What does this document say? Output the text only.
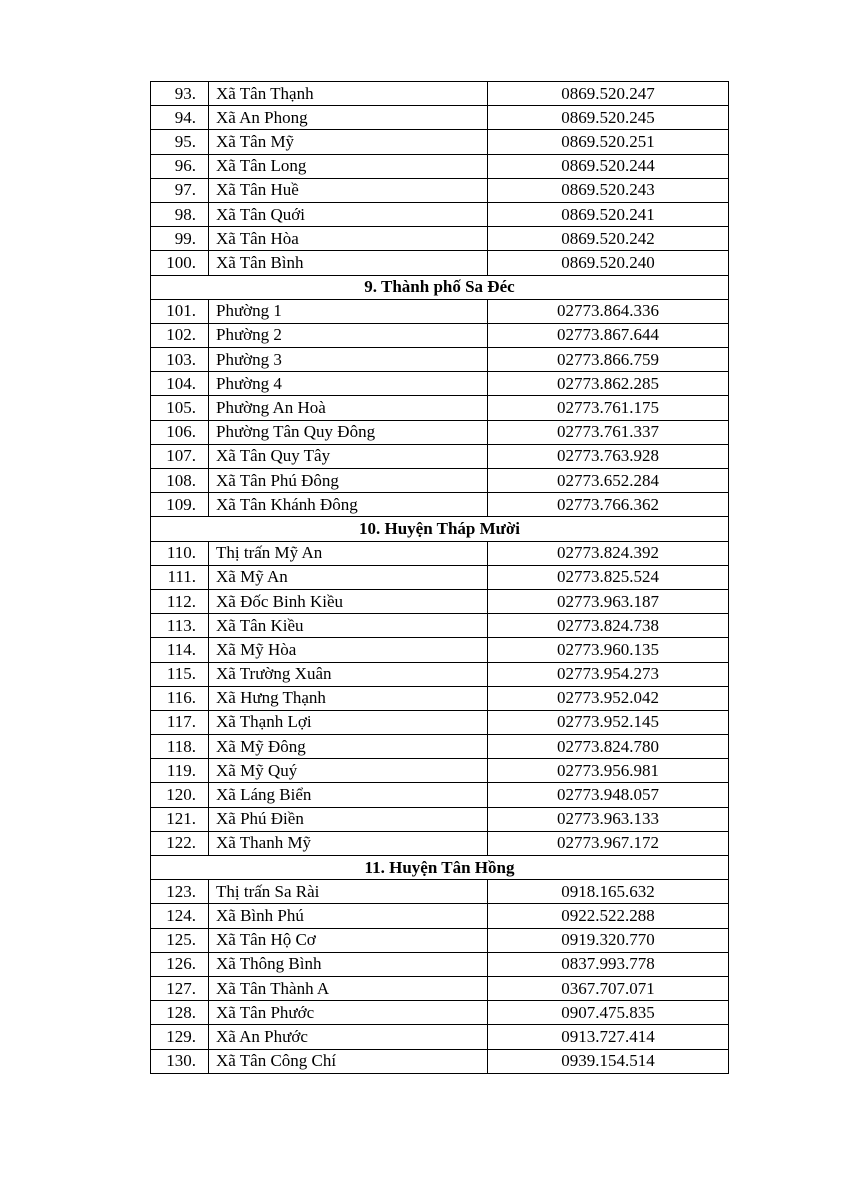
93.	Xã Tân Thạnh	0869.520.247
94.	Xã An Phong	0869.520.245
95.	Xã Tân Mỹ	0869.520.251
96.	Xã Tân Long	0869.520.244
97.	Xã Tân Huề	0869.520.243
98.	Xã Tân Quới	0869.520.241
99.	Xã Tân Hòa	0869.520.242
100.	Xã Tân Bình	0869.520.240
9. Thành phố Sa Đéc		
101.	Phường 1	02773.864.336
102.	Phường 2	02773.867.644
103.	Phường 3	02773.866.759
104.	Phường 4	02773.862.285
105.	Phường An Hoà	02773.761.175
106.	Phường Tân Quy Đông	02773.761.337
107.	Xã Tân Quy Tây	02773.763.928
108.	Xã Tân Phú Đông	02773.652.284
109.	Xã Tân Khánh Đông	02773.766.362
10. Huyện Tháp Mười		
110.	Thị trấn Mỹ An	02773.824.392
111.	Xã Mỹ An	02773.825.524
112.	Xã Đốc Binh Kiều	02773.963.187
113.	Xã Tân Kiều	02773.824.738
114.	Xã Mỹ Hòa	02773.960.135
115.	Xã Trường Xuân	02773.954.273
116.	Xã Hưng Thạnh	02773.952.042
117.	Xã Thạnh Lợi	02773.952.145
118.	Xã Mỹ Đông	02773.824.780
119.	Xã Mỹ Quý	02773.956.981
120.	Xã Láng Biển	02773.948.057
121.	Xã Phú Điền	02773.963.133
122.	Xã Thanh Mỹ	02773.967.172
11. Huyện Tân Hồng		
123.	Thị trấn Sa Rài	0918.165.632
124.	Xã Bình Phú	0922.522.288
125.	Xã Tân Hộ Cơ	0919.320.770
126.	Xã Thông Bình	0837.993.778
127.	Xã Tân Thành A	0367.707.071
128.	Xã Tân Phước	0907.475.835
129.	Xã An Phước	0913.727.414
130.	Xã Tân Công Chí	0939.154.514
